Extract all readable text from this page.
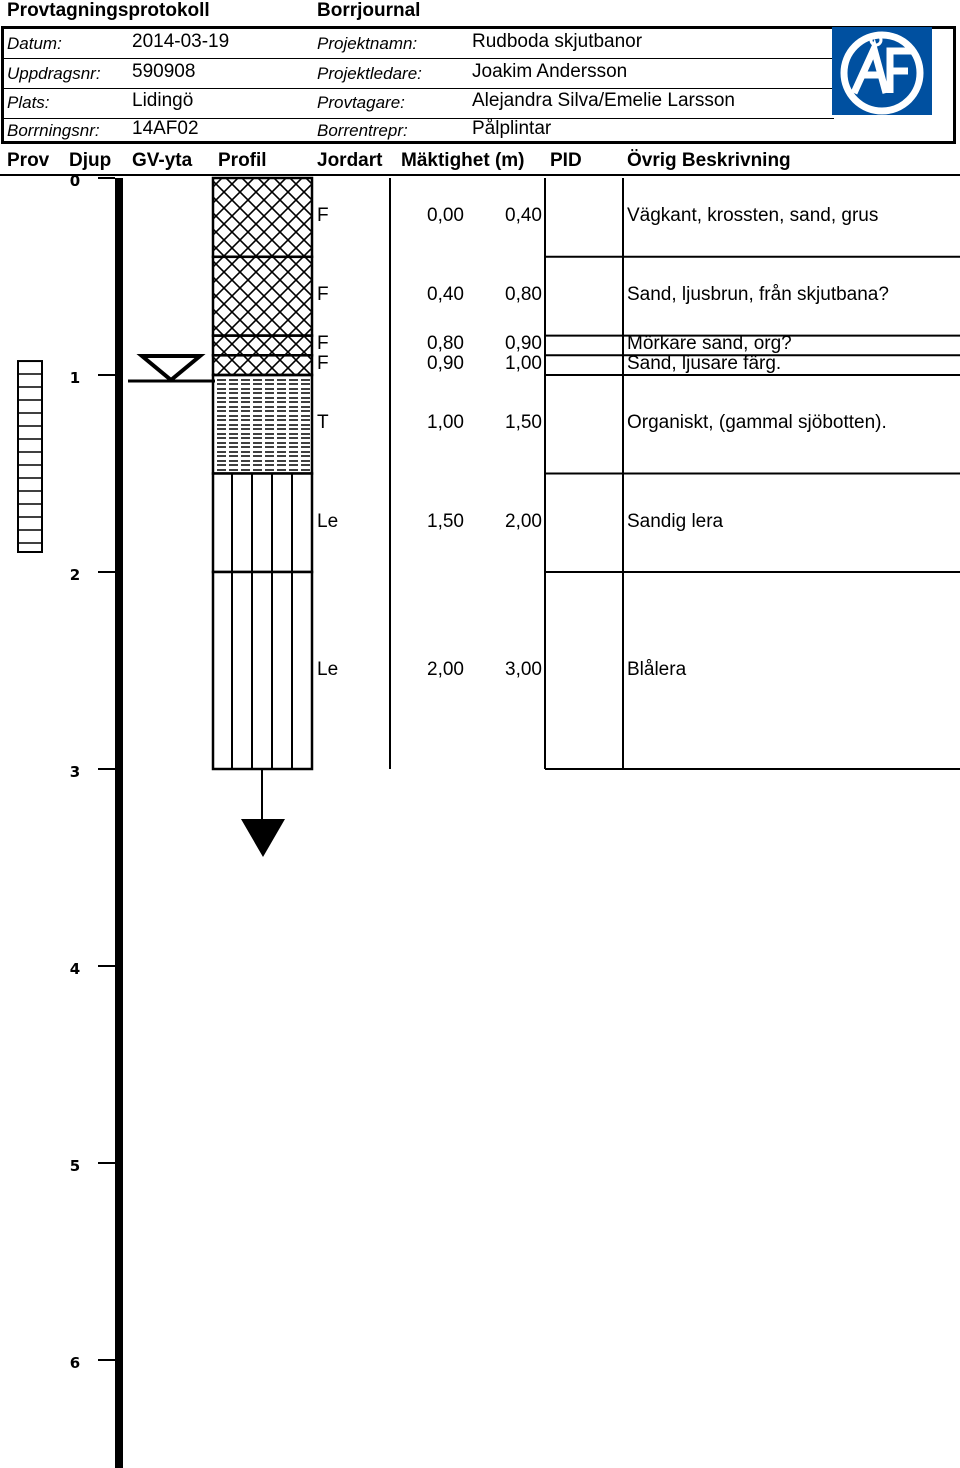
Provtagningsprotokoll	Borrjournal
Datum:	2014-03-19
Uppdragsnr: 590908
Plats:	Lidingö
Borrningsnr: 14AF02
Projektnamn:	Rudboda skjutbanor
Projektledare:	Joakim Andersson
Provtagare:	Alejandra Silva/Emelie Larsson
Borrentrepr:	Pålplintar
Prov Djup GV-yta Profil	Jordart Mäktighet (m) PID Övrig Beskrivning
0
1
2
3
4
5
6
F	0,00 0,40	Vägkant, krossten, sand, grus
F	0,40 0,80	Sand, ljusbrun, från skjutbana?
F	0,80 0,90	Mörkare sand, org?
F	0,90 1,00	Sand, ljusare färg.
T	1,00 1,50	Organiskt, (gammal sjöbotten).
Le	1,50 2,00	Sandig lera
Le	2,00 3,00	Blålera
